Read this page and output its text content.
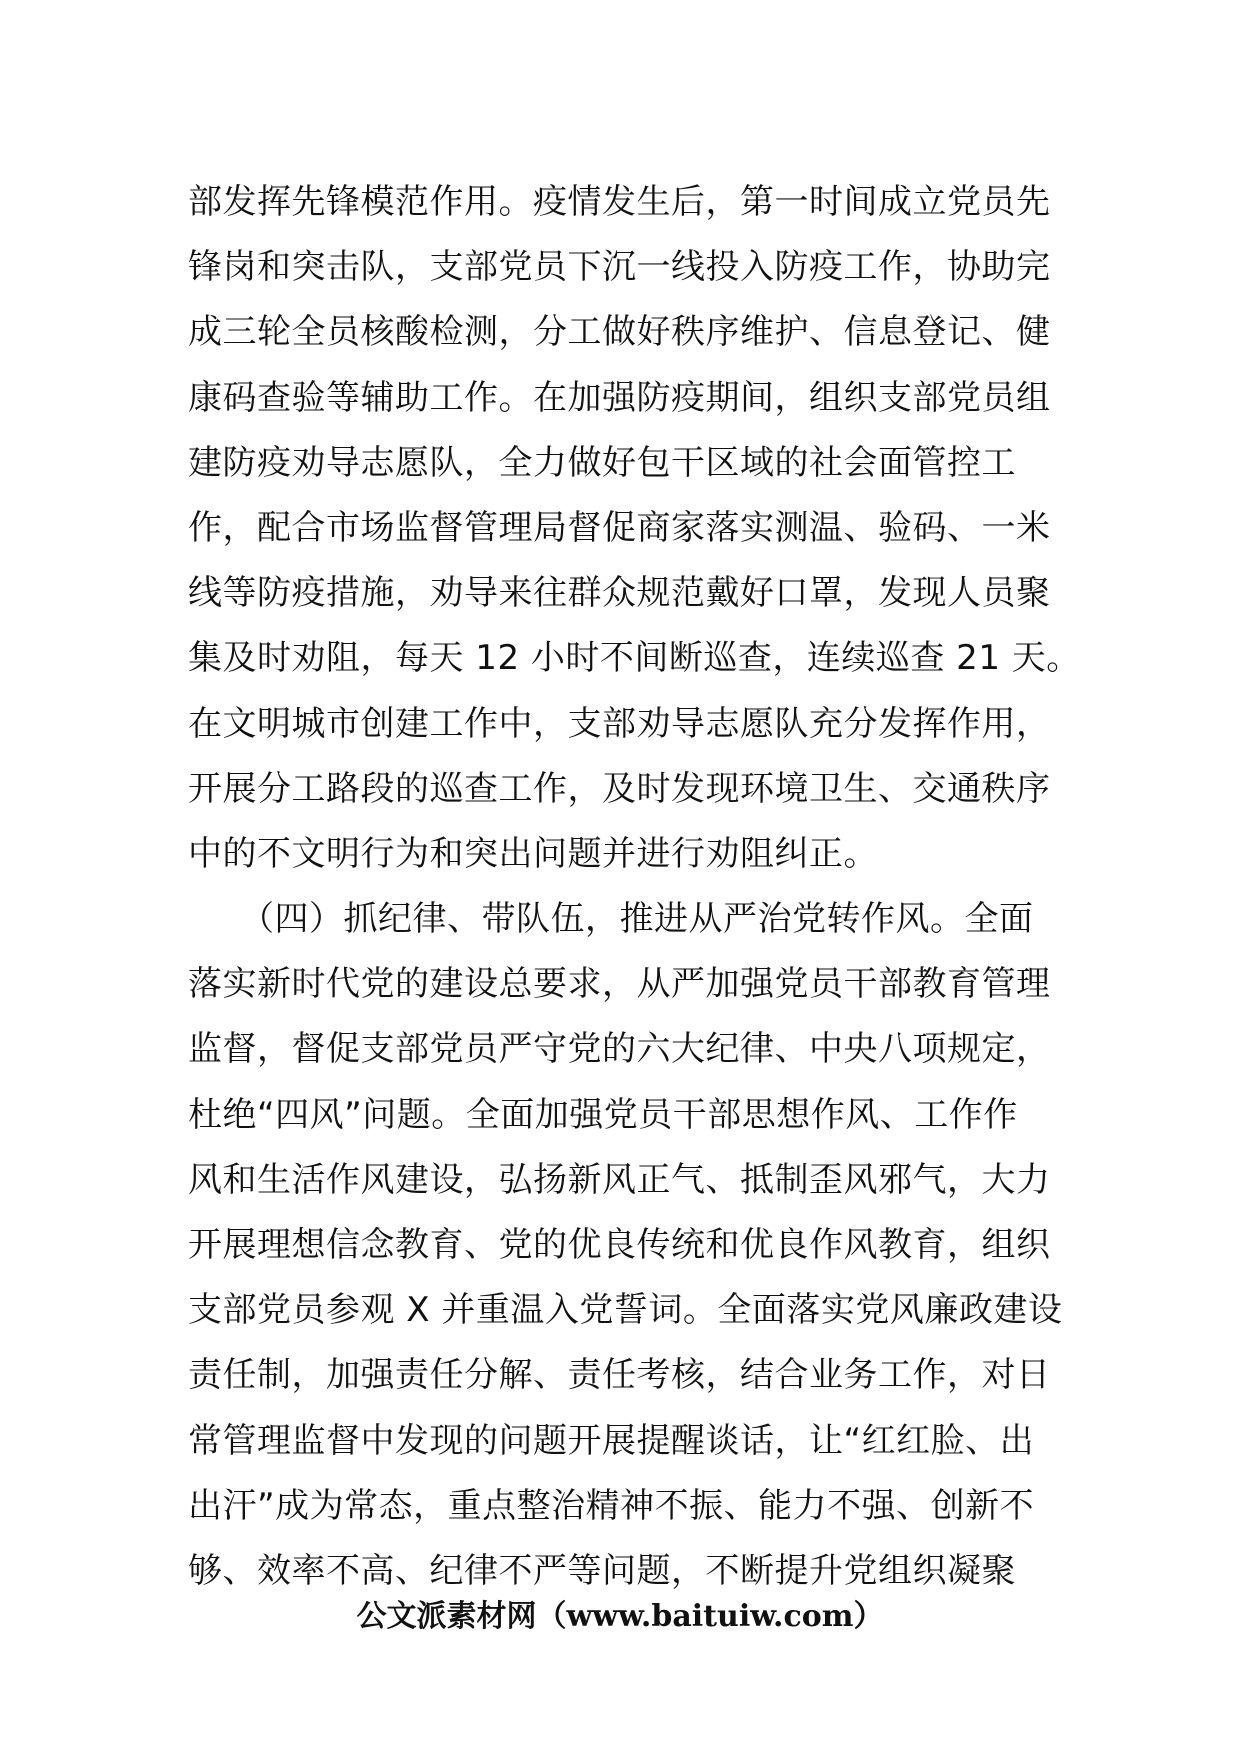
部发挥先锋模范作用。疫情发生后，第一时间成立党员先
锋岗和突击队，支部党员下沉一线投入防疫工作，协助完
成三轮全员核酸检测，分工做好秩序维护、信息登记、健
康码查验等辅助工作。在加强防疫期间，组织支部党员组
建防疫劝导志愿队，全力做好包干区域的社会面管控工
作，配合市场监督管理局督促商家落实测温、验码、一米
线等防疫措施，劝导来往群众规范戴好口罩，发现人员聚
集及时劝阻，每天 12 小时不间断巡查，连续巡查 21 天。
在文明城市创建工作中，支部劝导志愿队充分发挥作用，
开展分工路段的巡查工作，及时发现环境卫生、交通秩序
中的不文明行为和突出问题并进行劝阻纠正。
　　（四）抓纪律、带队伍，推进从严治党转作风。全面
落实新时代党的建设总要求，从严加强党员干部教育管理
监督，督促支部党员严守党的六大纪律、中央八项规定，
杜绝“四风”问题。全面加强党员干部思想作风、工作作
风和生活作风建设，弘扬新风正气、抵制歪风邪气，大力
开展理想信念教育、党的优良传统和优良作风教育，组织
支部党员参观 X 并重温入党誓词。全面落实党风廉政建设
责任制，加强责任分解、责任考核，结合业务工作，对日
常管理监督中发现的问题开展提醒谈话，让“红红脸、出
出汗”成为常态，重点整治精神不振、能力不强、创新不
够、效率不高、纪律不严等问题，不断提升党组织凝聚
公文派素材网（www.baituiw.com）
